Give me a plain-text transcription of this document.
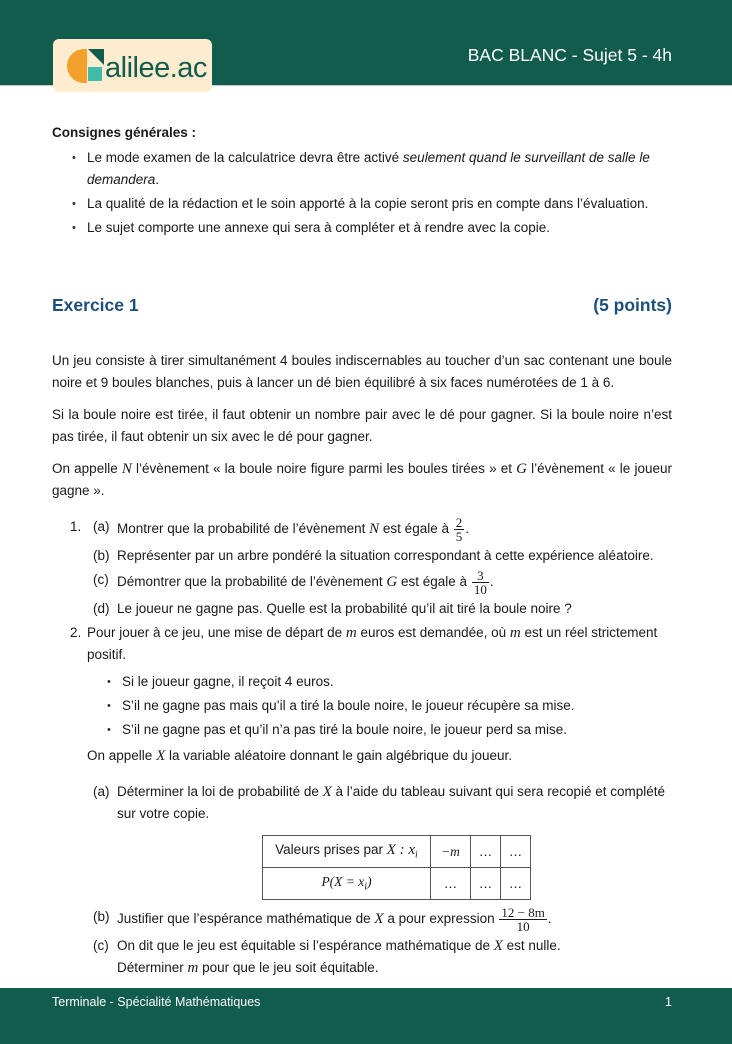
alilee.ac	BAC BLANC - Sujet 5 - 4h
Consignes générales :
• Le mode examen de la calculatrice devra être activé seulement quand le surveillant de salle le demandera.
• La qualité de la rédaction et le soin apporté à la copie seront pris en compte dans l’évaluation.
• Le sujet comporte une annexe qui sera à compléter et à rendre avec la copie.
Exercice 1	(5 points)

Un jeu consiste à tirer simultanément 4 boules indiscernables au toucher d’un sac contenant une boule noire et 9 boules blanches, puis à lancer un dé bien équilibré à six faces numérotées de 1 à 6.

Si la boule noire est tirée, il faut obtenir un nombre pair avec le dé pour gagner. Si la boule noire n’est pas tirée, il faut obtenir un six avec le dé pour gagner.

On appelle N l’évènement « la boule noire figure parmi les boules tirées » et G l’évènement « le joueur gagne ».

1. (a) Montrer que la probabilité de l’évènement N est égale à $\frac{2}{5}$ .
(b) Représenter par un arbre pondéré la situation correspondant à cette expérience aléatoire.
(c) Démontrer que la probabilité de l’évènement G est égale à $\frac{3}{10}$ .
(d) Le joueur ne gagne pas. Quelle est la probabilité qu’il ait tiré la boule noire ?
2. Pour jouer à ce jeu, une mise de départ de m euros est demandée, où m est un réel strictement positif.
• Si le joueur gagne, il reçoit 4 euros.
• S’il ne gagne pas mais qu’il a tiré la boule noire, le joueur récupère sa mise.
• S’il ne gagne pas et qu’il n’a pas tiré la boule noire, le joueur perd sa mise.
On appelle X la variable aléatoire donnant le gain algébrique du joueur.
(a) Déterminer la loi de probabilité de X à l’aide du tableau suivant qui sera recopié et complété sur votre copie.
Valeurs prises par X : $x_i$	−m	…	…
$P(X = x_i)$	…	…	…
(b) Justifier que l’espérance mathématique de X a pour expression $\frac{12 - 8m}{10}$ .
(c) On dit que le jeu est équitable si l’espérance mathématique de X est nulle.
Déterminer m pour que le jeu soit équitable.
Terminale - Spécialité Mathématiques	1
